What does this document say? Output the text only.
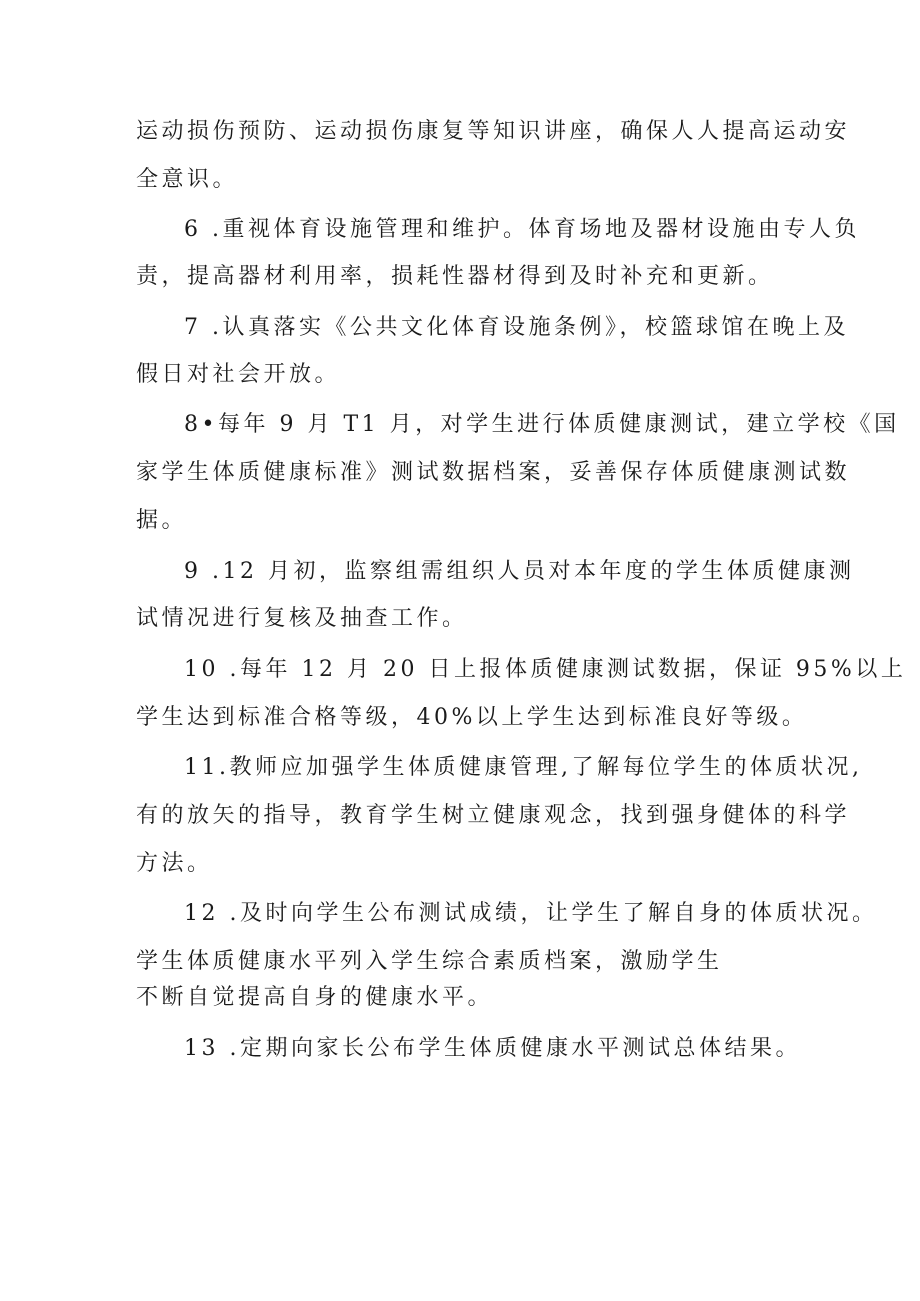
运动损伤预防、运动损伤康复等知识讲座，确保人人提高运动安
全意识。
6 .重视体育设施管理和维护。体育场地及器材设施由专人负
责，提高器材利用率，损耗性器材得到及时补充和更新。
7 .认真落实《公共文化体育设施条例》，校篮球馆在晚上及
假日对社会开放。
8•每年 9 月 T1 月，对学生进行体质健康测试，建立学校《国
家学生体质健康标准》测试数据档案，妥善保存体质健康测试数
据。
9 .12 月初，监察组需组织人员对本年度的学生体质健康测
试情况进行复核及抽查工作。
10 .每年 12 月 20 日上报体质健康测试数据，保证 95%以上
学生达到标准合格等级，40%以上学生达到标准良好等级。
11.教师应加强学生体质健康管理,了解每位学生的体质状况,
有的放矢的指导，教育学生树立健康观念，找到强身健体的科学
方法。
12 .及时向学生公布测试成绩，让学生了解自身的体质状况。
学生体质健康水平列入学生综合素质档案，激励学生
不断自觉提高自身的健康水平。
13 .定期向家长公布学生体质健康水平测试总体结果。
